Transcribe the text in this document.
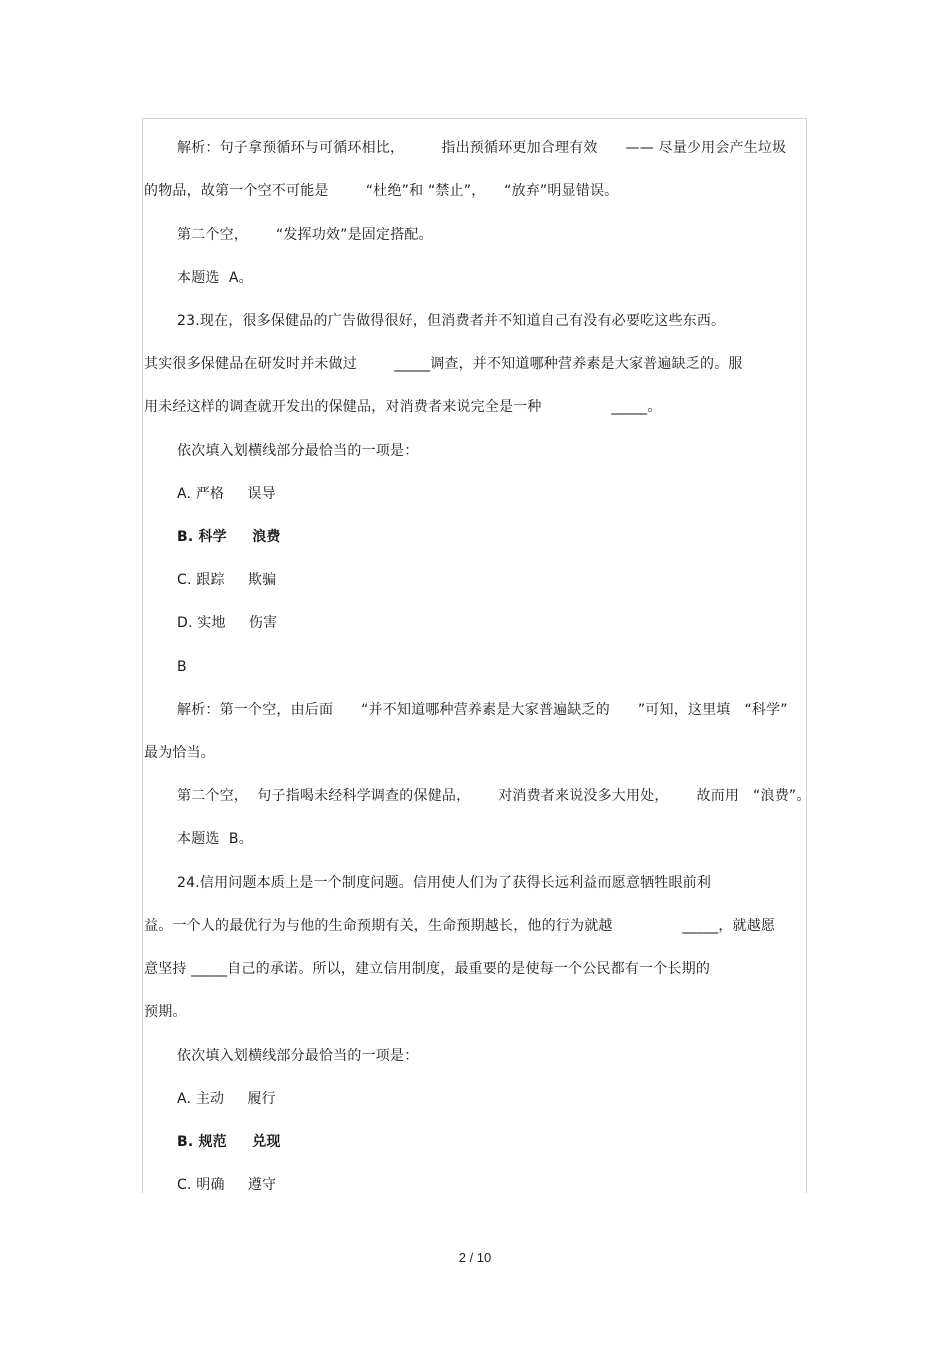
解析：句子拿预循环与可循环相比，        指出预循环更加合理有效      —— 尽量少用会产生垃圾
的物品，故第一个空不可能是        “杜绝”和 “禁止”，    “放弃”明显错误。
第二个空，      “发挥功效”是固定搭配。
本题选  A。
23.现在，很多保健品的广告做得很好，但消费者并不知道自己有没有必要吃这些东西。
其实很多保健品在研发时并未做过        _____调查，并不知道哪种营养素是大家普遍缺乏的。服
用未经这样的调查就开发出的保健品，对消费者来说完全是一种               _____。
依次填入划横线部分最恰当的一项是：
A. 严格     误导
B. 科学     浪费
C. 跟踪     欺骗
D. 实地     伤害
B
解析：第一个空，由后面      “并不知道哪种营养素是大家普遍缺乏的      ”可知，这里填   “科学”
最为恰当。
第二个空，  句子指喝未经科学调查的保健品，      对消费者来说没多大用处，      故而用   “浪费”。
本题选  B。
24.信用问题本质上是一个制度问题。信用使人们为了获得长远利益而愿意牺牲眼前利
益。一个人的最优行为与他的生命预期有关，生命预期越长，他的行为就越               _____，就越愿
意坚持 _____自己的承诺。所以，建立信用制度，最重要的是使每一个公民都有一个长期的
预期。
依次填入划横线部分最恰当的一项是：
A. 主动     履行
B. 规范     兑现
C. 明确     遵守
2 / 10
